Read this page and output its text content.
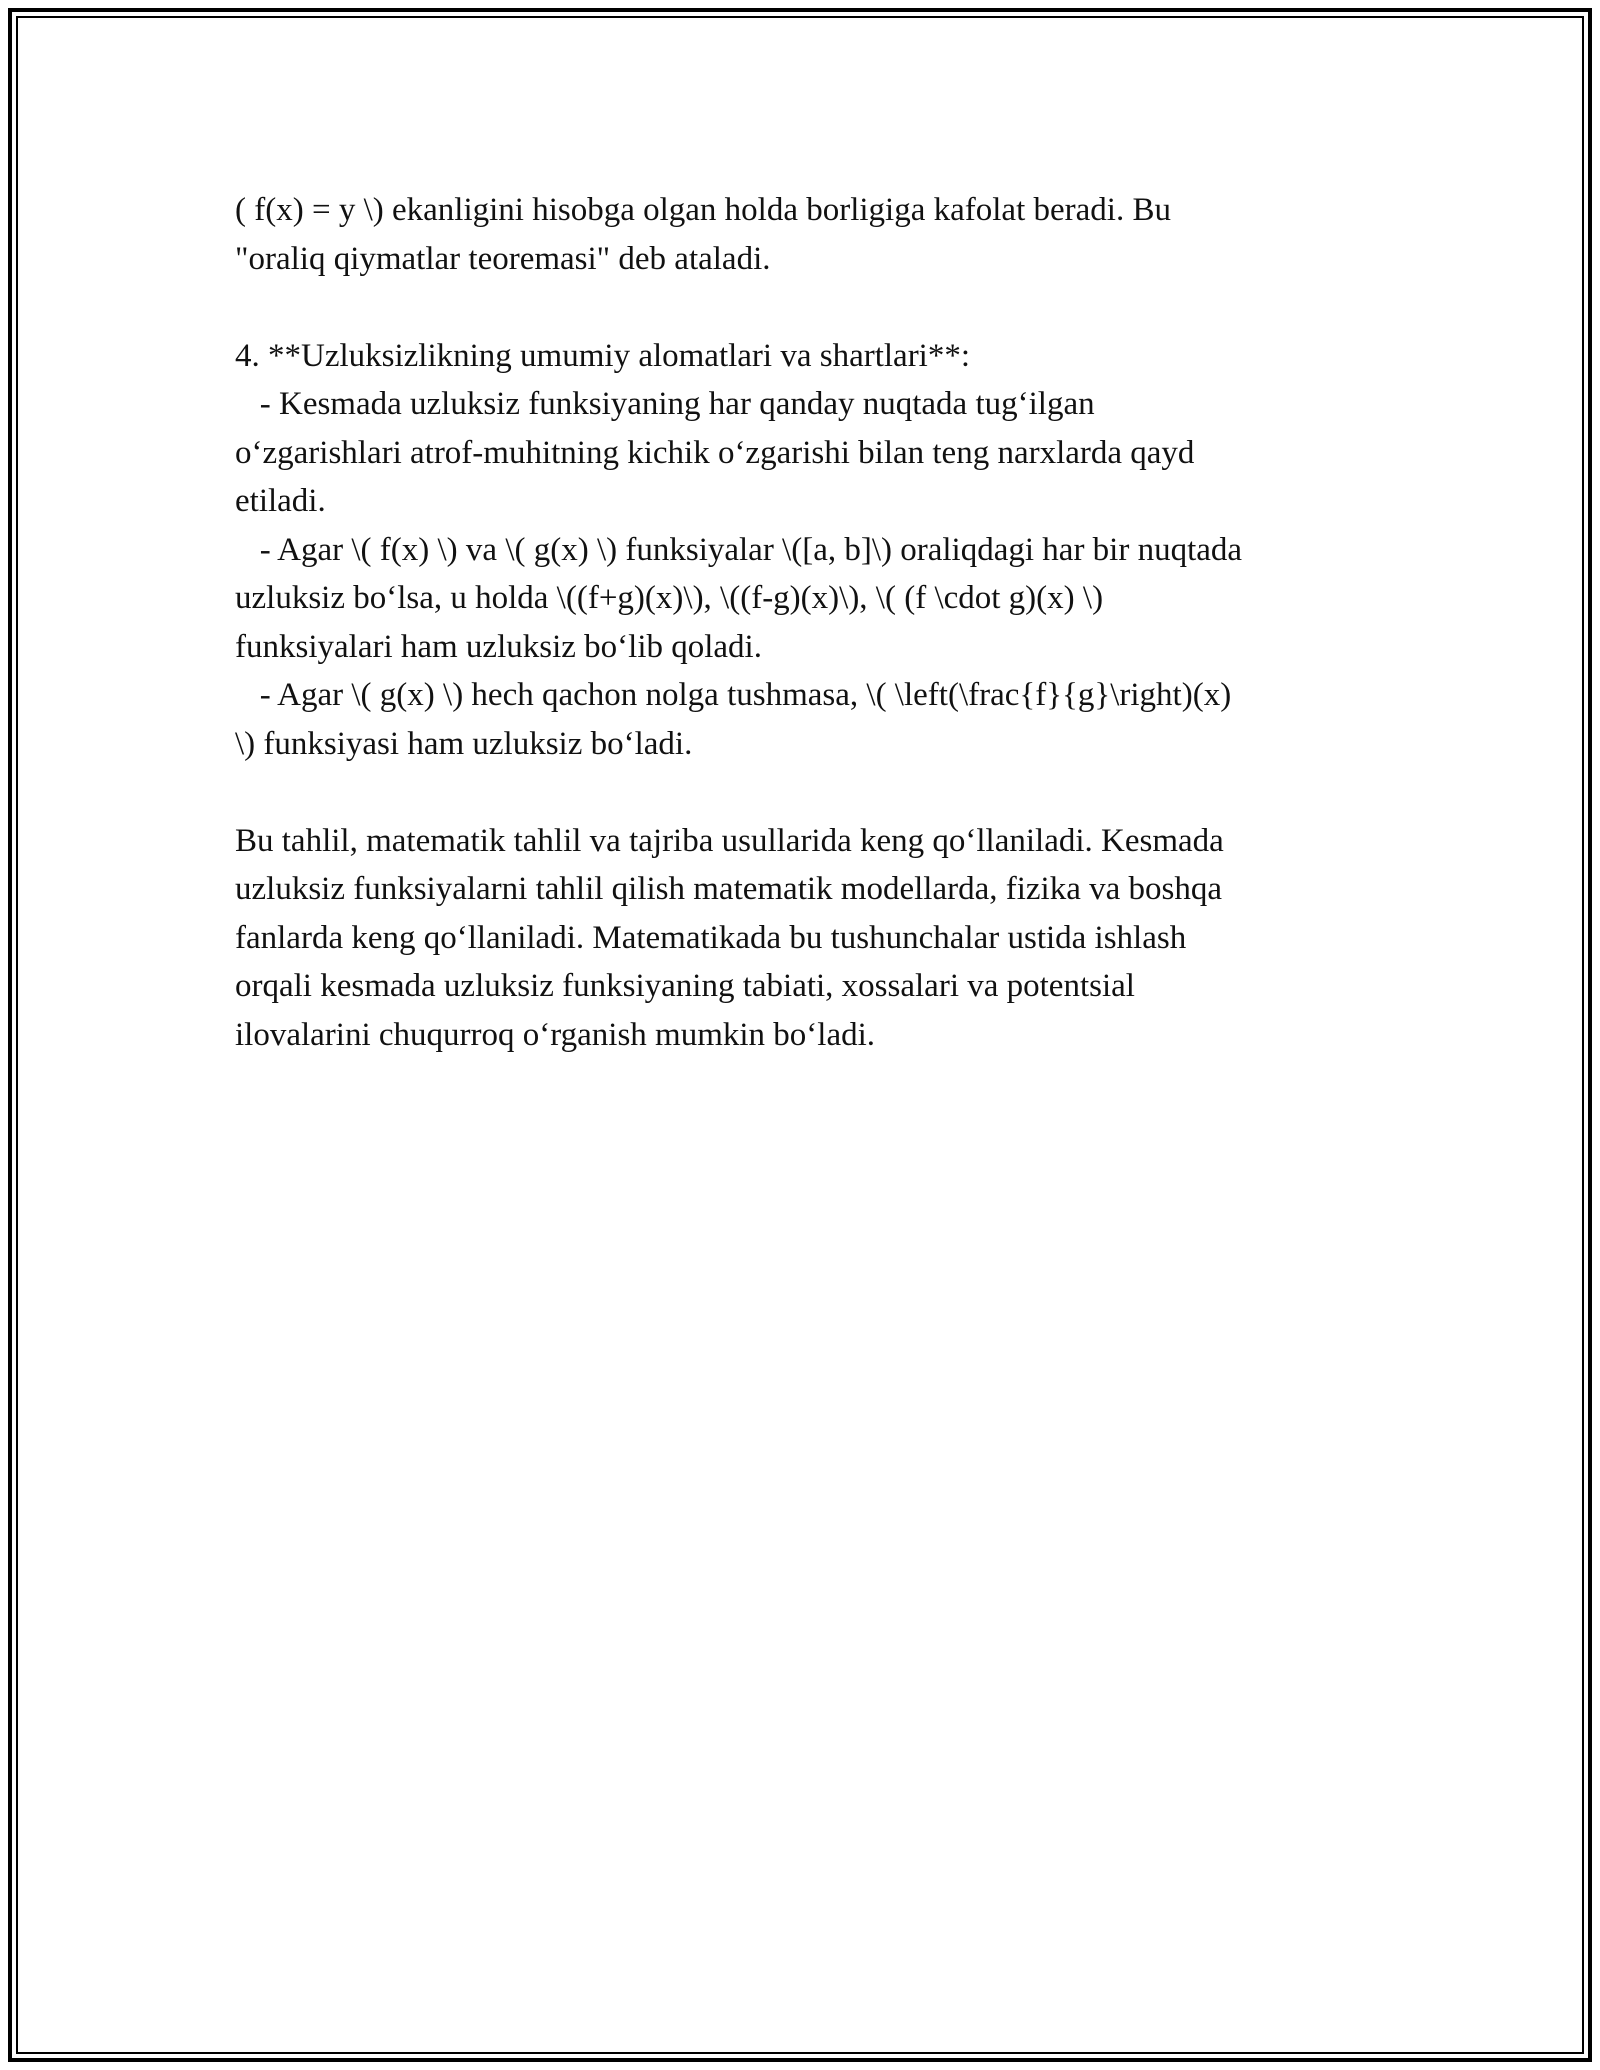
( f(x) = y \) ekanligini hisobga olgan holda borligiga kafolat beradi. Bu
"oraliq qiymatlar teoremasi" deb ataladi.
4. **Uzluksizlikning umumiy alomatlari va shartlari**:
- Kesmada uzluksiz funksiyaning har qanday nuqtada tug‘ilgan
o‘zgarishlari atrof-muhitning kichik o‘zgarishi bilan teng narxlarda qayd
etiladi.
- Agar \( f(x) \) va \( g(x) \) funksiyalar \([a, b]\) oraliqdagi har bir nuqtada
uzluksiz bo‘lsa, u holda \((f+g)(x)\), \((f-g)(x)\), \( (f \cdot g)(x) \)
funksiyalari ham uzluksiz bo‘lib qoladi.
- Agar \( g(x) \) hech qachon nolga tushmasa, \( \left(\frac{f}{g}\right)(x)
\) funksiyasi ham uzluksiz bo‘ladi.
Bu tahlil, matematik tahlil va tajriba usullarida keng qo‘llaniladi. Kesmada
uzluksiz funksiyalarni tahlil qilish matematik modellarda, fizika va boshqa
fanlarda keng qo‘llaniladi. Matematikada bu tushunchalar ustida ishlash
orqali kesmada uzluksiz funksiyaning tabiati, xossalari va potentsial
ilovalarini chuqurroq o‘rganish mumkin bo‘ladi.
